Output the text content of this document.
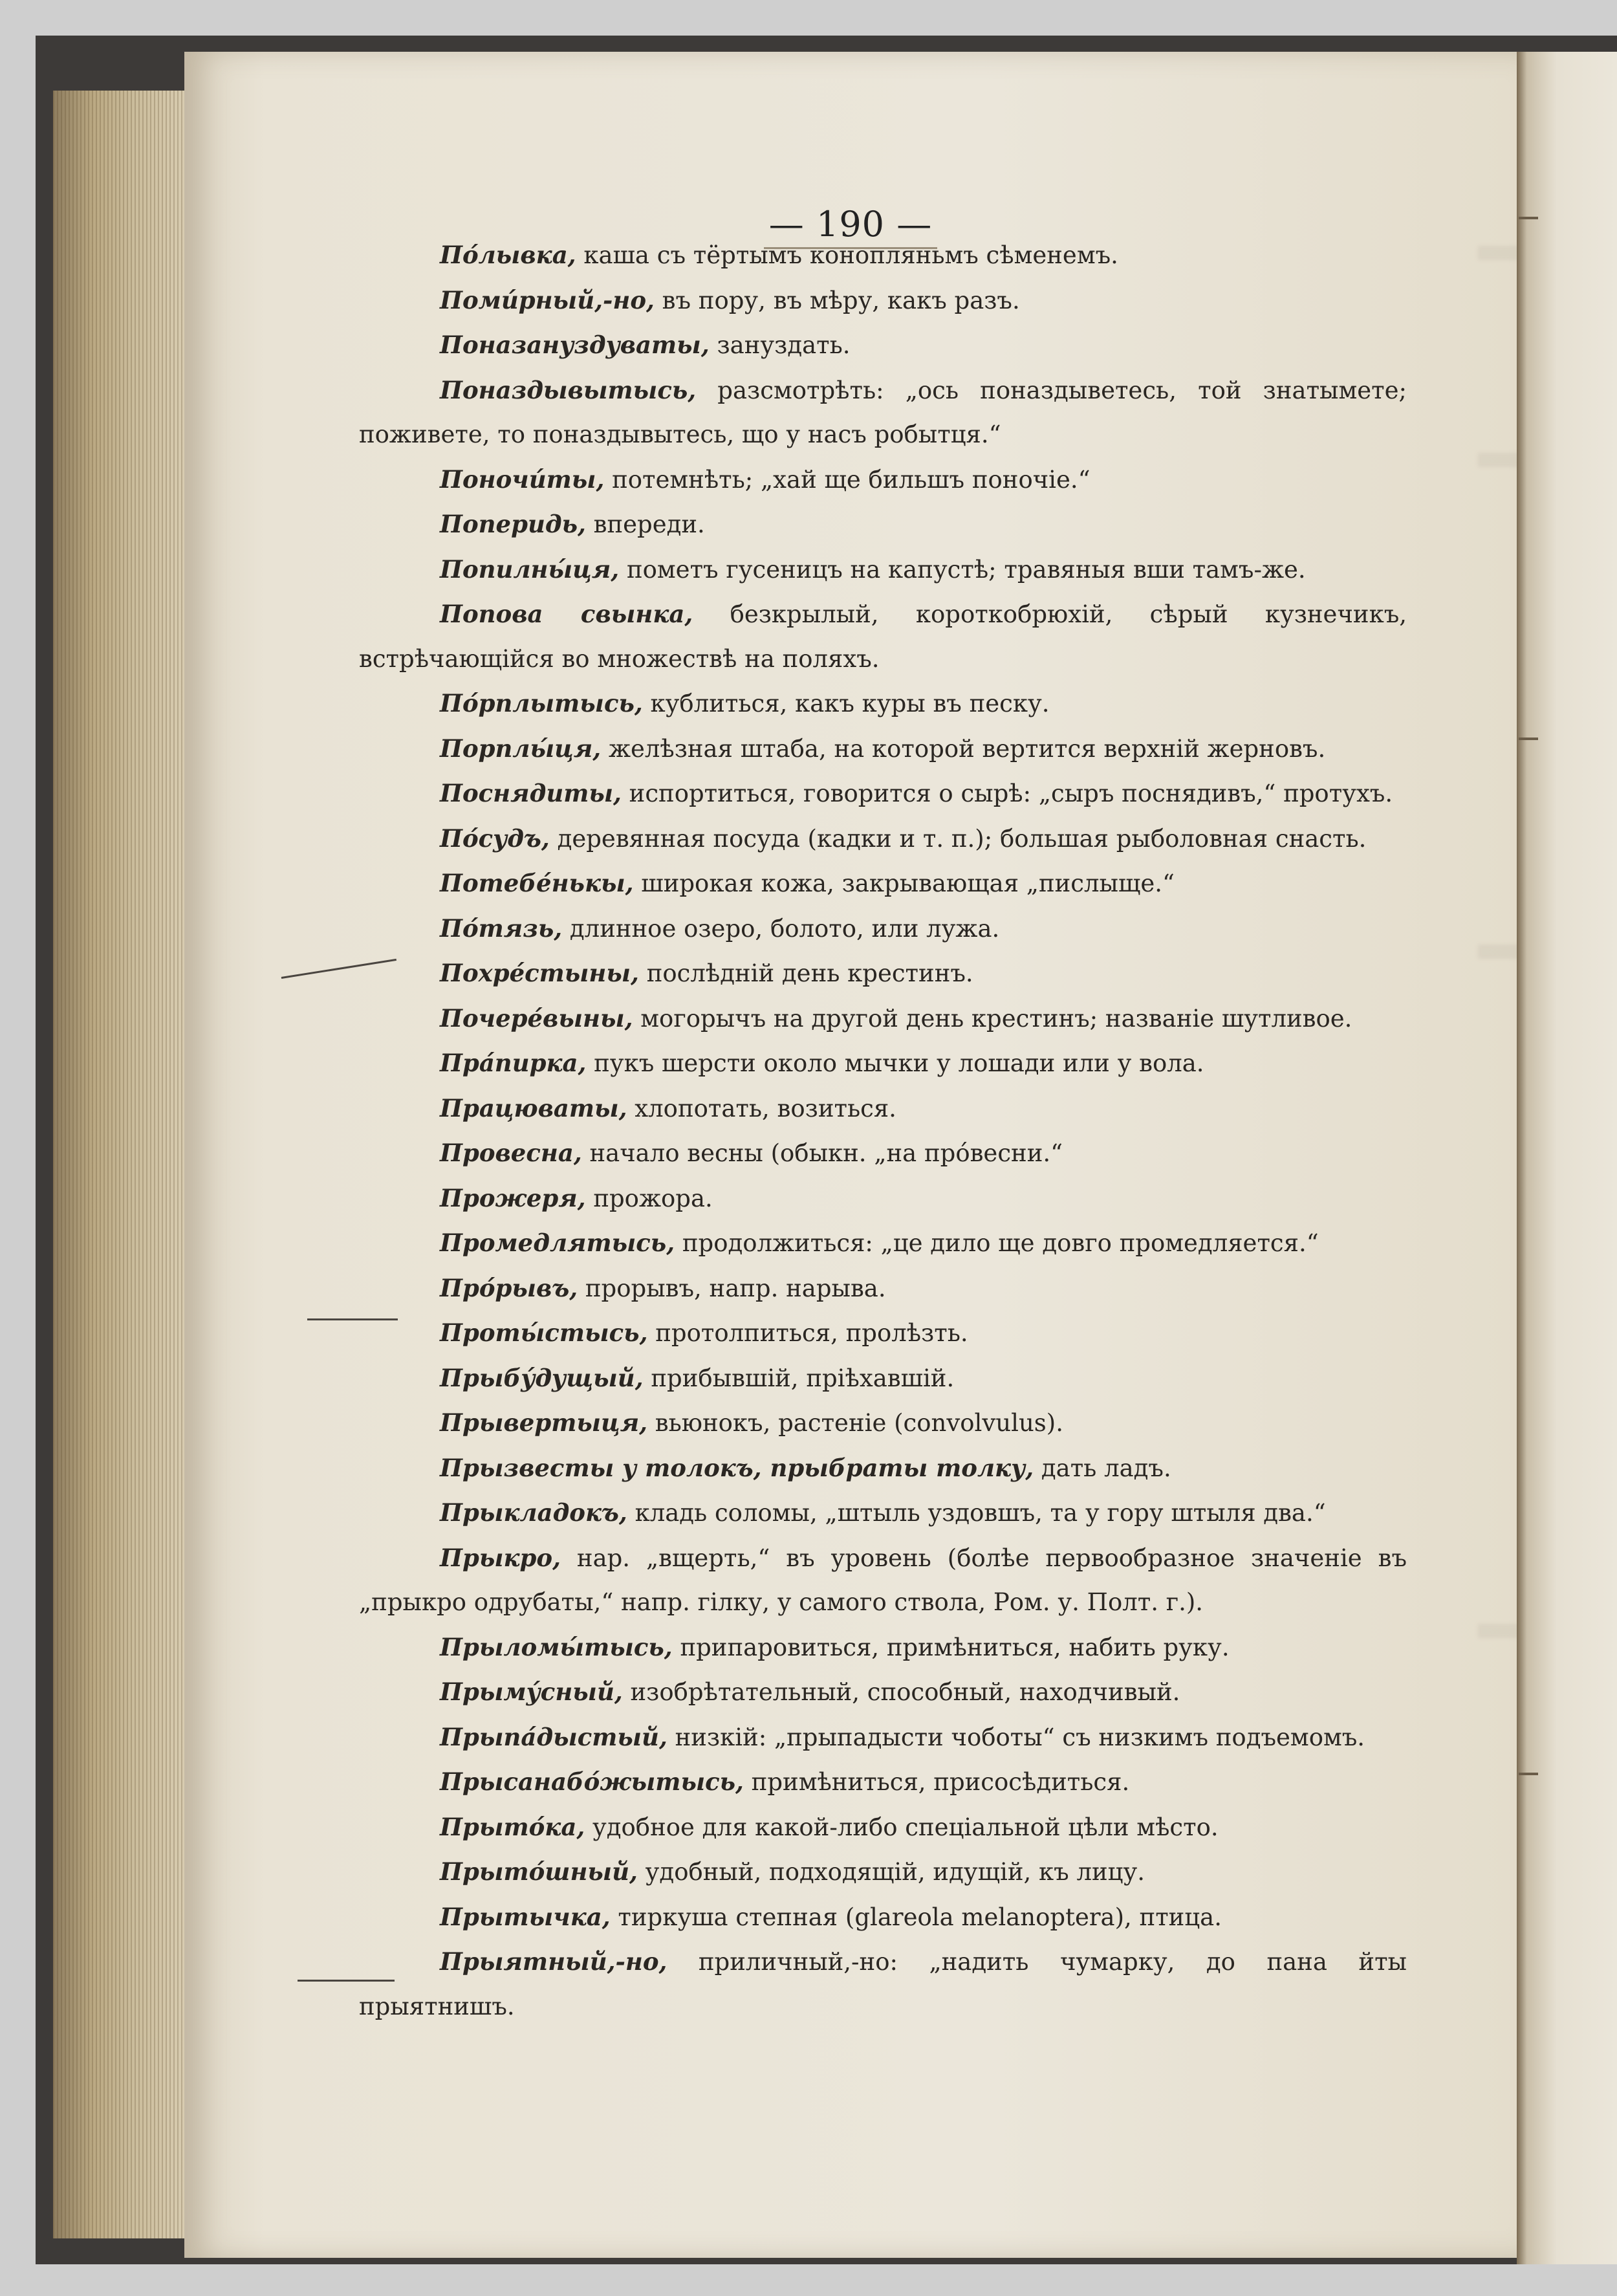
— 190 —

По́лывка, каша съ тёртымъ конопляньмъ сѣменемъ.

Поми́рный,-но, въ пору, въ мѣру, какъ разъ.

Поназануздуваты, зануздать.

Поназдывытысь, разсмотрѣть: „ось поназдыветесь, той знатымете; поживете, то поназдывытесь, що у насъ робытця.“

Поночи́ты, потемнѣть; „хай ще бильшъ поночіе.“

Поперидь, впереди.

Попилны́ця, пометъ гусеницъ на капустѣ; травяныя вши тамъ-же.

Попова свынка, безкрылый, короткобрюхій, сѣрый кузнечикъ, встрѣчающійся во множествѣ на поляхъ.

По́рплытысь, кублиться, какъ куры въ песку.

Порплы́ця, желѣзная штаба, на которой вертится верхній жерновъ.

Поснядиты, испортиться, говорится о сырѣ: „сыръ поснядивъ,“ протухъ.

По́судъ, деревянная посуда (кадки и т. п.); большая рыболовная снасть.

Потебе́нькы, широкая кожа, закрывающая „пислыще.“

По́тязь, длинное озеро, болото, или лужа.

Похре́стыны, послѣдній день крестинъ.

Почере́выны, могорычъ на другой день крестинъ; названіе шутливое.

Пра́пирка, пукъ шерсти около мычки у лошади или у вола.

Працюваты, хлопотать, возиться.

Провесна, начало весны (обыкн. „на про́весни.“

Прожеря, прожора.

Промедлятысь, продолжиться: „це дило ще довго промедляется.“

Про́рывъ, прорывъ, напр. нарыва.

Проты́стысь, протолпиться, пролѣзть.

Прыбу́дущый, прибывшій, пріѣхавшій.

Прывертыця, вьюнокъ, растеніе (convolvulus).

Прызвесты у толокъ, прыбраты толку, дать ладъ.

Прыкладокъ, кладь соломы, „штыль уздовшъ, та у гору штыля два.“

Прыкро, нар. „вщерть,“ въ уровень (болѣе первообразное значеніе въ „прыкро одрубаты,“ напр. гілку, у самого ствола, Ром. у. Полт. г.).

Прыломы́тысь, припаровиться, примѣниться, набить руку.

Прыму́сный, изобрѣтательный, способный, находчивый.

Прыпа́дыстый, низкій: „прыпадысти чоботы“ съ низкимъ подъемомъ.

Прысанабо́жытысь, примѣниться, присосѣдиться.

Прыто́ка, удобное для какой-либо спеціальной цѣли мѣсто.

Прыто́шный, удобный, подходящій, идущій, къ лицу.

Прытычка, тиркуша степная (glareola melanoptera), птица.

Прыятный,-но, приличный,-но: „надить чумарку, до пана йты прыятнишъ.
